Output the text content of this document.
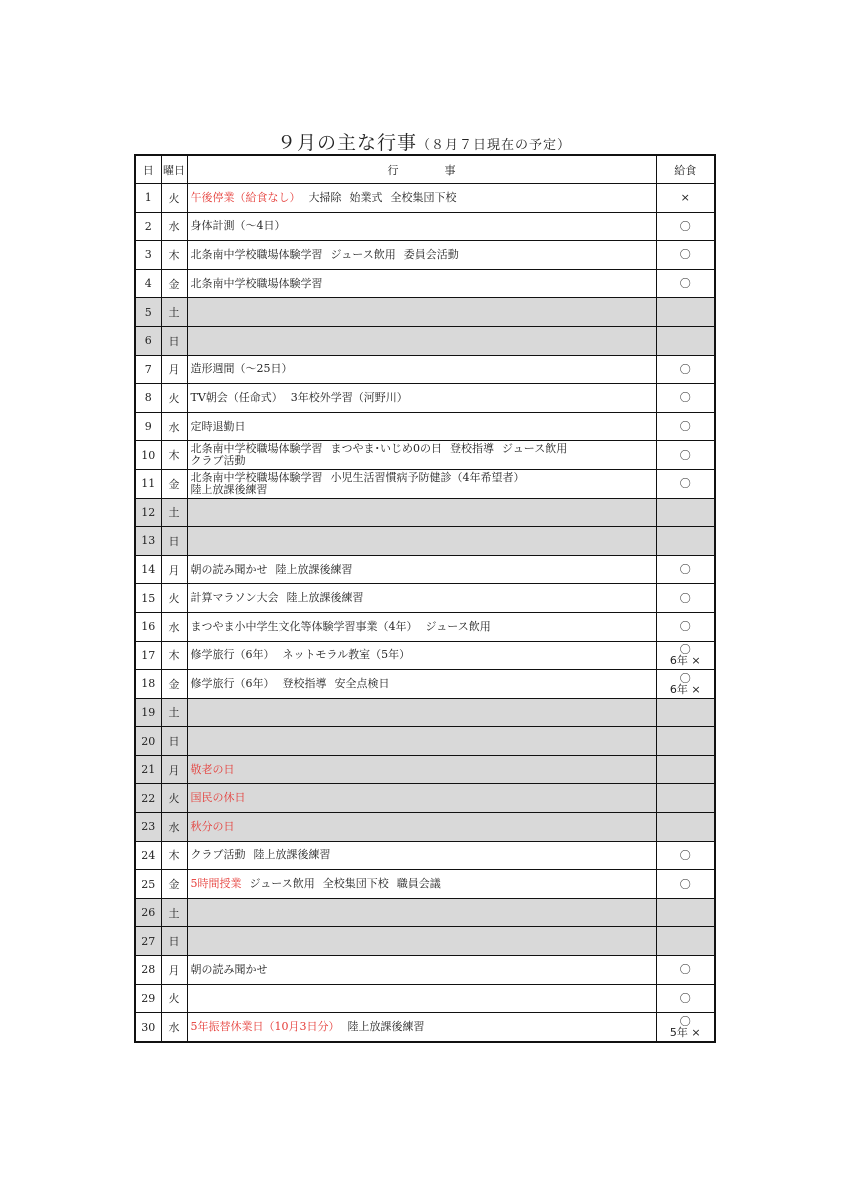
９月の主な行事（８月７日現在の予定）
日	曜日	行 事	給食
1	火	午後停業（給食なし） 大掃除 始業式 全校集団下校	×

2	水	身体計測（～4日）	〇

3	木	北条南中学校職場体験学習 ジュース飲用 委員会活動	〇

4	金	北条南中学校職場体験学習	〇

5	土		
6	日		
7	月	造形週間（～25日）	〇

8	火	TV朝会（任命式） 3年校外学習（河野川）	〇

9	水	定時退勤日	〇

10	木	北条南中学校職場体験学習 まつやま･いじめ0の日 登校指導 ジュース飲用
クラブ活動	〇

11	金	北条南中学校職場体験学習 小児生活習慣病予防健診（4年希望者）
陸上放課後練習	〇

12	土		
13	日		
14	月	朝の読み聞かせ 陸上放課後練習	〇

15	火	計算マラソン大会 陸上放課後練習	〇

16	水	まつやま小中学生文化等体験学習事業（4年） ジュース飲用	〇

17	木	修学旅行（6年） ネットモラル教室（5年）	〇
6年 ×

18	金	修学旅行（6年） 登校指導 安全点検日	〇
6年 ×

19	土		
20	日		
21	月	敬老の日	

22	火	国民の休日	

23	水	秋分の日	

24	木	クラブ活動 陸上放課後練習	〇

25	金	5時間授業 ジュース飲用 全校集団下校 職員会議	〇

26	土		
27	日		
28	月	朝の読み聞かせ	〇

29	火		〇

30	水	5年振替休業日（10月3日分） 陸上放課後練習	〇
5年 ×
